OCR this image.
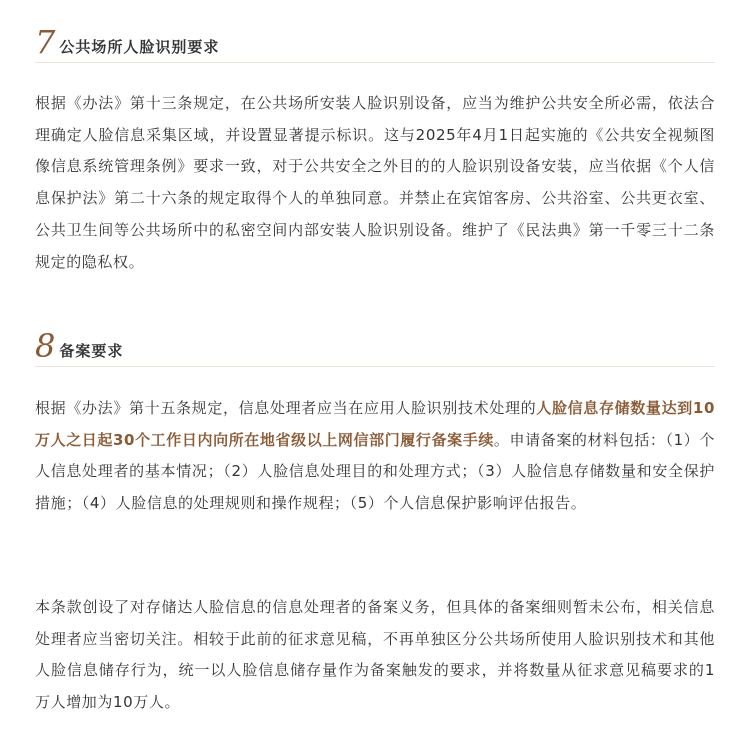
7 公共场所人脸识别要求

根据《办法》第十三条规定，在公共场所安装人脸识别设备，应当为维护公共安全所必需，依法合理确定人脸信息采集区域，并设置显著提示标识。这与2025年4月1日起实施的《公共安全视频图像信息系统管理条例》要求一致，对于公共安全之外目的的人脸识别设备安装，应当依据《个人信息保护法》第二十六条的规定取得个人的单独同意。并禁止在宾馆客房、公共浴室、公共更衣室、公共卫生间等公共场所中的私密空间内部安装人脸识别设备。维护了《民法典》第一千零三十二条规定的隐私权。

8 备案要求

根据《办法》第十五条规定，信息处理者应当在应用人脸识别技术处理的人脸信息存储数量达到10万人之日起30个工作日内向所在地省级以上网信部门履行备案手续。申请备案的材料包括：（1）个人信息处理者的基本情况；（2）人脸信息处理目的和处理方式；（3）人脸信息存储数量和安全保护措施；（4）人脸信息的处理规则和操作规程；（5）个人信息保护影响评估报告。

本条款创设了对存储达人脸信息的信息处理者的备案义务，但具体的备案细则暂未公布，相关信息处理者应当密切关注。相较于此前的征求意见稿，不再单独区分公共场所使用人脸识别技术和其他人脸信息储存行为，统一以人脸信息储存量作为备案触发的要求，并将数量从征求意见稿要求的1万人增加为10万人。
